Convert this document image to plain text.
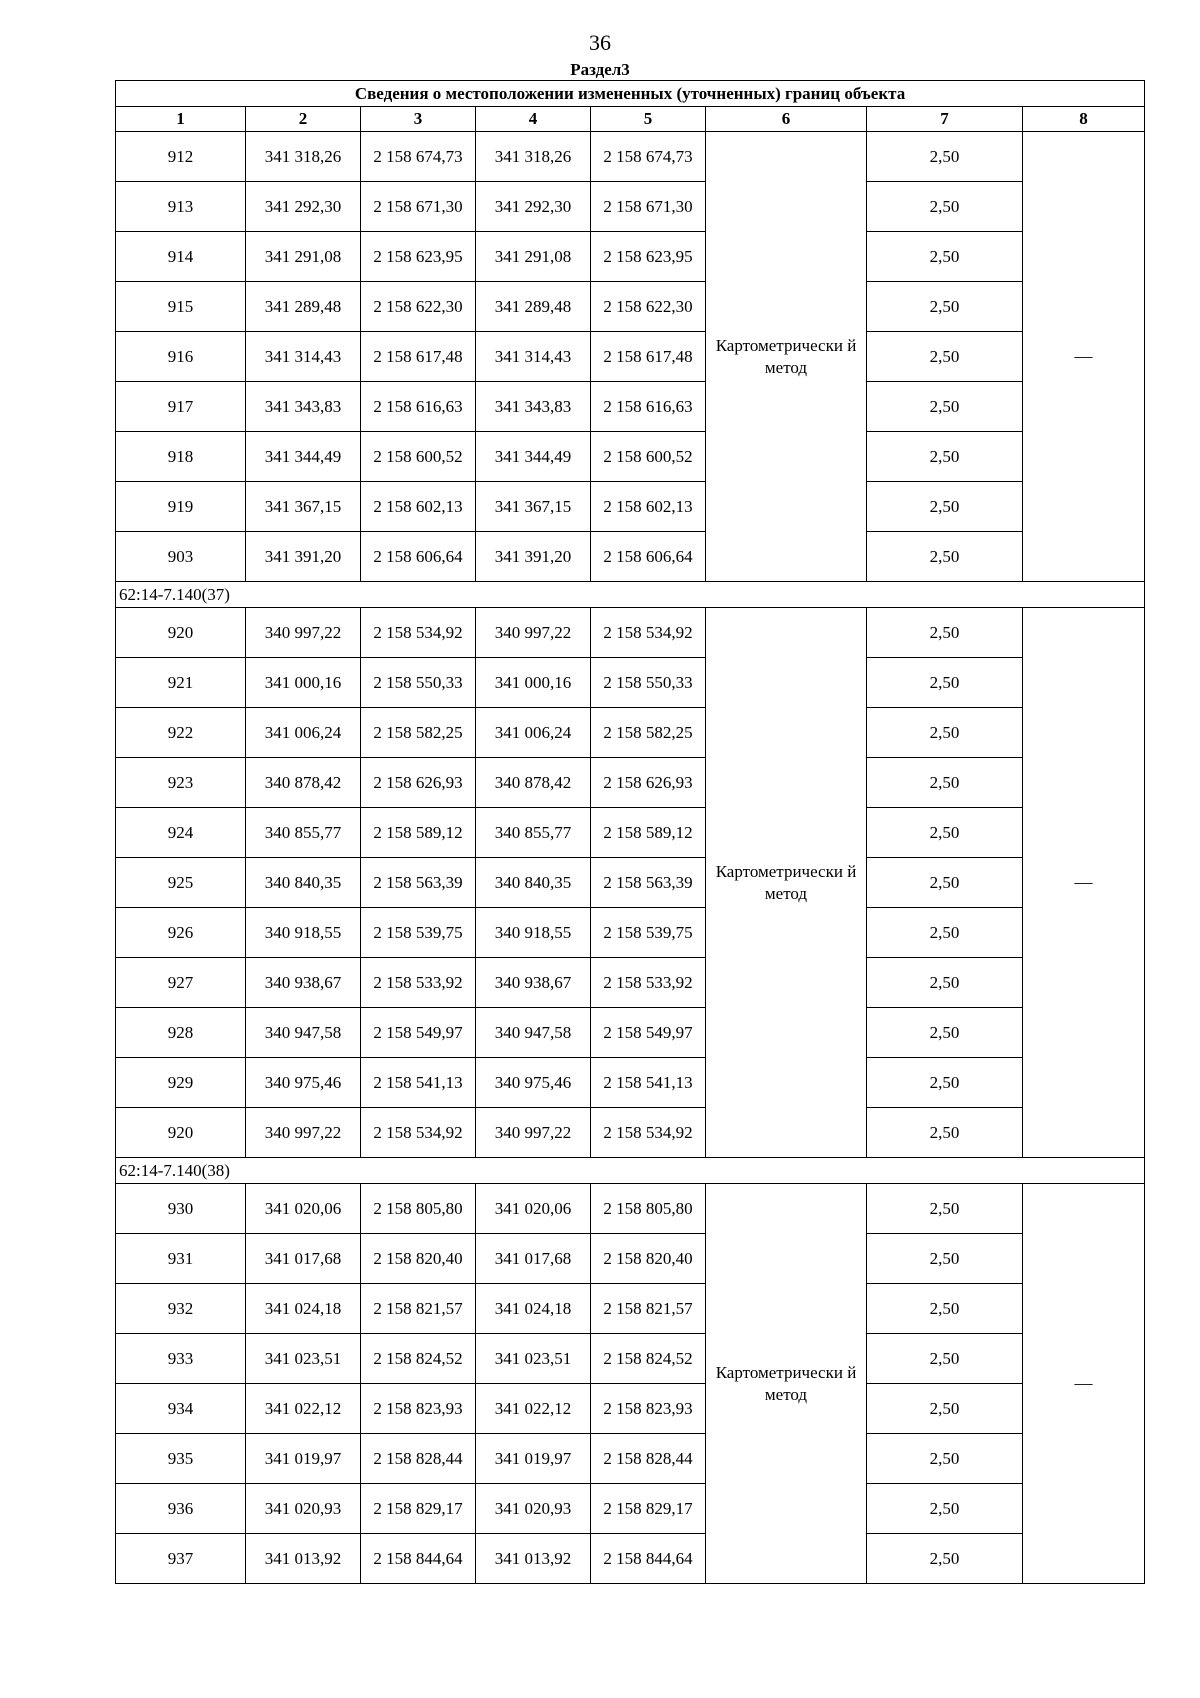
36
Раздел3
Сведения о местоположении измененных (уточненных) границ объекта							
1	2	3	4	5	6	7	8
912	341 318,26	2 158 674,73	341 318,26	2 158 674,73	Картометрически й метод	2,50	—
913	341 292,30	2 158 671,30	341 292,30	2 158 671,30		2,50	
914	341 291,08	2 158 623,95	341 291,08	2 158 623,95		2,50	
915	341 289,48	2 158 622,30	341 289,48	2 158 622,30		2,50	
916	341 314,43	2 158 617,48	341 314,43	2 158 617,48		2,50	
917	341 343,83	2 158 616,63	341 343,83	2 158 616,63		2,50	
918	341 344,49	2 158 600,52	341 344,49	2 158 600,52		2,50	
919	341 367,15	2 158 602,13	341 367,15	2 158 602,13		2,50	
903	341 391,20	2 158 606,64	341 391,20	2 158 606,64		2,50	
62:14-7.140(37)							
920	340 997,22	2 158 534,92	340 997,22	2 158 534,92	Картометрически й метод	2,50	—
921	341 000,16	2 158 550,33	341 000,16	2 158 550,33		2,50	
922	341 006,24	2 158 582,25	341 006,24	2 158 582,25		2,50	
923	340 878,42	2 158 626,93	340 878,42	2 158 626,93		2,50	
924	340 855,77	2 158 589,12	340 855,77	2 158 589,12		2,50	
925	340 840,35	2 158 563,39	340 840,35	2 158 563,39		2,50	
926	340 918,55	2 158 539,75	340 918,55	2 158 539,75		2,50	
927	340 938,67	2 158 533,92	340 938,67	2 158 533,92		2,50	
928	340 947,58	2 158 549,97	340 947,58	2 158 549,97		2,50	
929	340 975,46	2 158 541,13	340 975,46	2 158 541,13		2,50	
920	340 997,22	2 158 534,92	340 997,22	2 158 534,92		2,50	
62:14-7.140(38)							
930	341 020,06	2 158 805,80	341 020,06	2 158 805,80	Картометрически й метод	2,50	—
931	341 017,68	2 158 820,40	341 017,68	2 158 820,40		2,50	
932	341 024,18	2 158 821,57	341 024,18	2 158 821,57		2,50	
933	341 023,51	2 158 824,52	341 023,51	2 158 824,52		2,50	
934	341 022,12	2 158 823,93	341 022,12	2 158 823,93		2,50	
935	341 019,97	2 158 828,44	341 019,97	2 158 828,44		2,50	
936	341 020,93	2 158 829,17	341 020,93	2 158 829,17		2,50	
937	341 013,92	2 158 844,64	341 013,92	2 158 844,64		2,50	
